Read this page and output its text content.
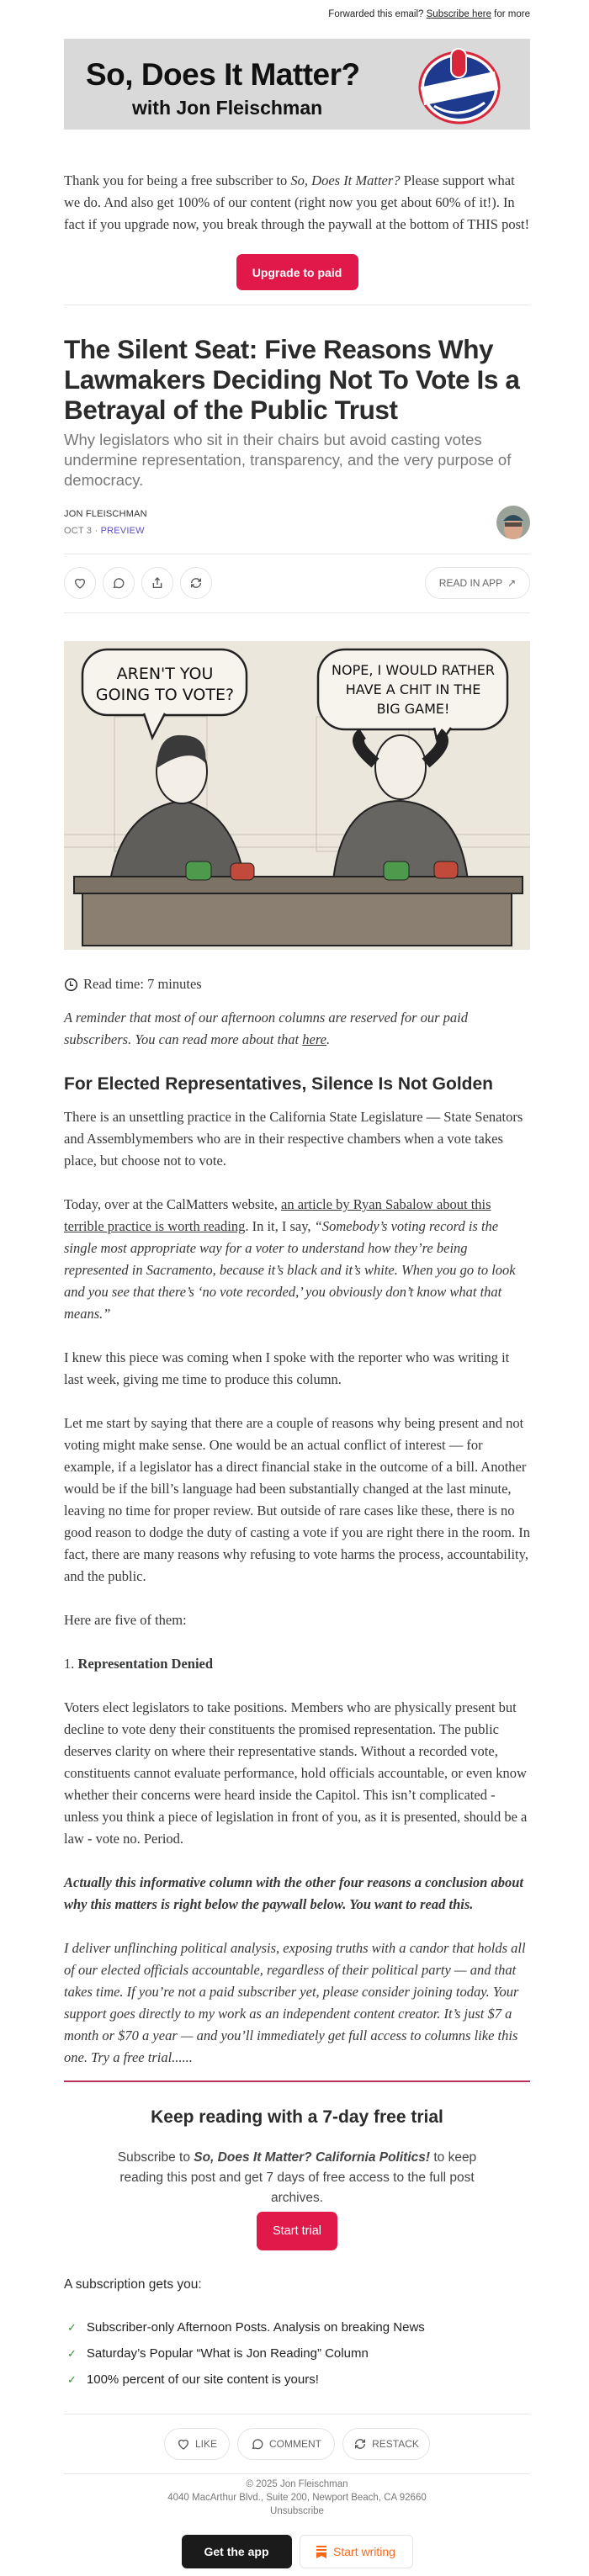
Forwarded this email? Subscribe here for more
So, Does It Matter?
with Jon Fleischman
Thank you for being a free subscriber to So, Does It Matter? Please support what we do. And also get 100% of our content (right now you get about 60% of it!). In fact if you upgrade now, you break through the paywall at the bottom of THIS post!
Upgrade to paid
The Silent Seat: Five Reasons Why Lawmakers Deciding Not To Vote Is a Betrayal of the Public Trust
Why legislators who sit in their chairs but avoid casting votes undermine representation, transparency, and the very purpose of democracy.
JON FLEISCHMAN
OCT 3 · PREVIEW
READ IN APP ↗
AREN'T YOU
GOING TO VOTE?
NOPE, I WOULD RATHER
HAVE A CHIT IN THE
BIG GAME!
Read time: 7 minutes

A reminder that most of our afternoon columns are reserved for our paid subscribers. You can read more about that here.

For Elected Representatives, Silence Is Not Golden

There is an unsettling practice in the California State Legislature — State Senators and Assemblymembers who are in their respective chambers when a vote takes place, but choose not to vote.

Today, over at the CalMatters website, an article by Ryan Sabalow about this terrible practice is worth reading. In it, I say, “Somebody’s voting record is the single most appropriate way for a voter to understand how they’re being represented in Sacramento, because it’s black and it’s white. When you go to look and you see that there’s ‘no vote recorded,’ you obviously don’t know what that means.”

I knew this piece was coming when I spoke with the reporter who was writing it last week, giving me time to produce this column.

Let me start by saying that there are a couple of reasons why being present and not voting might make sense. One would be an actual conflict of interest — for example, if a legislator has a direct financial stake in the outcome of a bill. Another would be if the bill’s language had been substantially changed at the last minute, leaving no time for proper review. But outside of rare cases like these, there is no good reason to dodge the duty of casting a vote if you are right there in the room. In fact, there are many reasons why refusing to vote harms the process, accountability, and the public.

Here are five of them:

1. Representation Denied

Voters elect legislators to take positions. Members who are physically present but decline to vote deny their constituents the promised representation. The public deserves clarity on where their representative stands. Without a recorded vote, constituents cannot evaluate performance, hold officials accountable, or even know whether their concerns were heard inside the Capitol. This isn’t complicated - unless you think a piece of legislation in front of you, as it is presented, should be a law - vote no. Period.

Actually this informative column with the other four reasons a conclusion about why this matters is right below the paywall below. You want to read this.

I deliver unflinching political analysis, exposing truths with a candor that holds all of our elected officials accountable, regardless of their political party — and that takes time. If you’re not a paid subscriber yet, please consider joining today. Your support goes directly to my work as an independent content creator. It’s just $7 a month or $70 a year — and you’ll immediately get full access to columns like this one. Try a free trial......

Keep reading with a 7-day free trial
Subscribe to So, Does It Matter? California Politics! to keep reading this post and get 7 days of free access to the full post archives.
Start trial
A subscription gets you:
✓ Subscriber-only Afternoon Posts. Analysis on breaking News
✓ Saturday’s Popular “What is Jon Reading” Column
✓ 100% percent of our site content is yours!
LIKE	COMMENT	RESTACK
© 2025 Jon Fleischman
4040 MacArthur Blvd., Suite 200, Newport Beach, CA 92660
Unsubscribe
Get the app	Start writing
